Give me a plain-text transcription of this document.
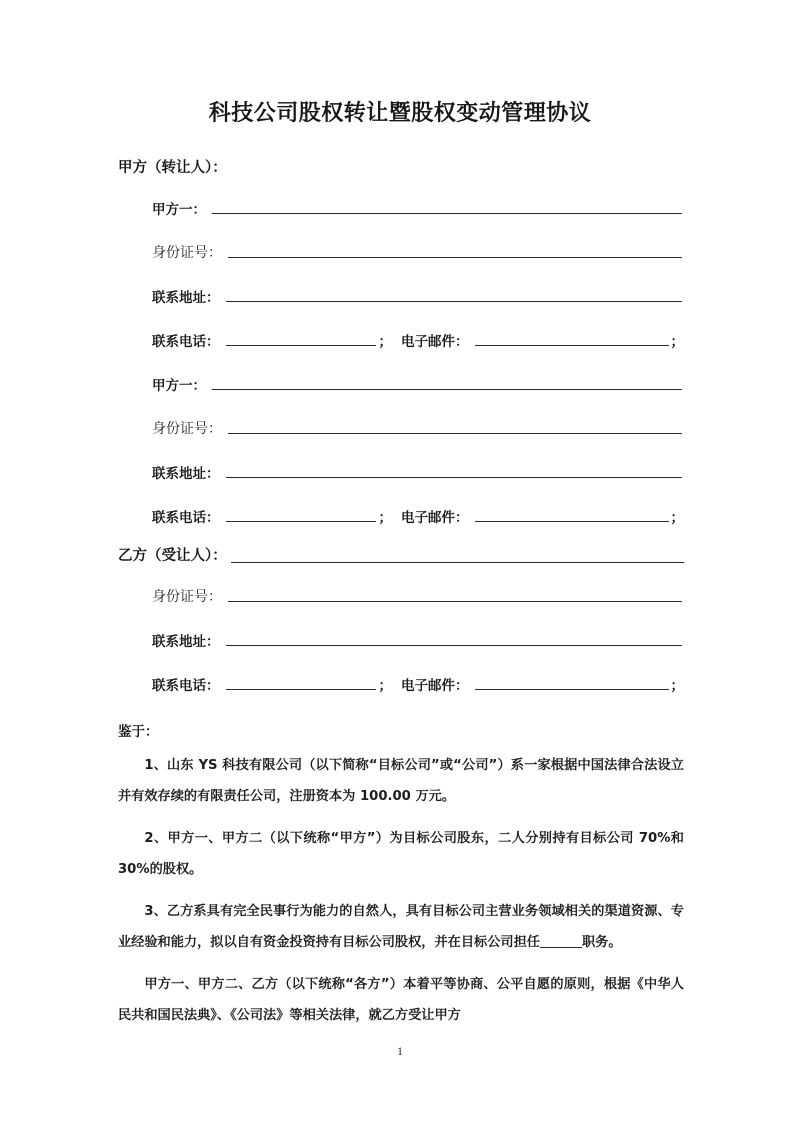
科技公司股权转让暨股权变动管理协议
甲方（转让人）：
甲方一：
身份证号：
联系地址：
联系电话：	； 电子邮件：	；
甲方一：
身份证号：
联系地址：
联系电话：	； 电子邮件：	；
乙方（受让人）：
身份证号：
联系地址：
联系电话：	； 电子邮件：	；
鉴于：

1、山东 YS 科技有限公司（以下简称“目标公司”或“公司”）系一家根据中国法律合法设立并有效存续的有限责任公司，注册资本为 100.00 万元。

2、甲方一、甲方二（以下统称“甲方”）为目标公司股东，二人分别持有目标公司 70%和 30%的股权。

3、乙方系具有完全民事行为能力的自然人，具有目标公司主营业务领域相关的渠道资源、专业经验和能力，拟以自有资金投资持有目标公司股权，并在目标公司担任	职务。

甲方一、甲方二、乙方（以下统称“各方”）本着平等协商、公平自愿的原则，根据《中华人民共和国民法典》、《公司法》等相关法律，就乙方受让甲方

1
